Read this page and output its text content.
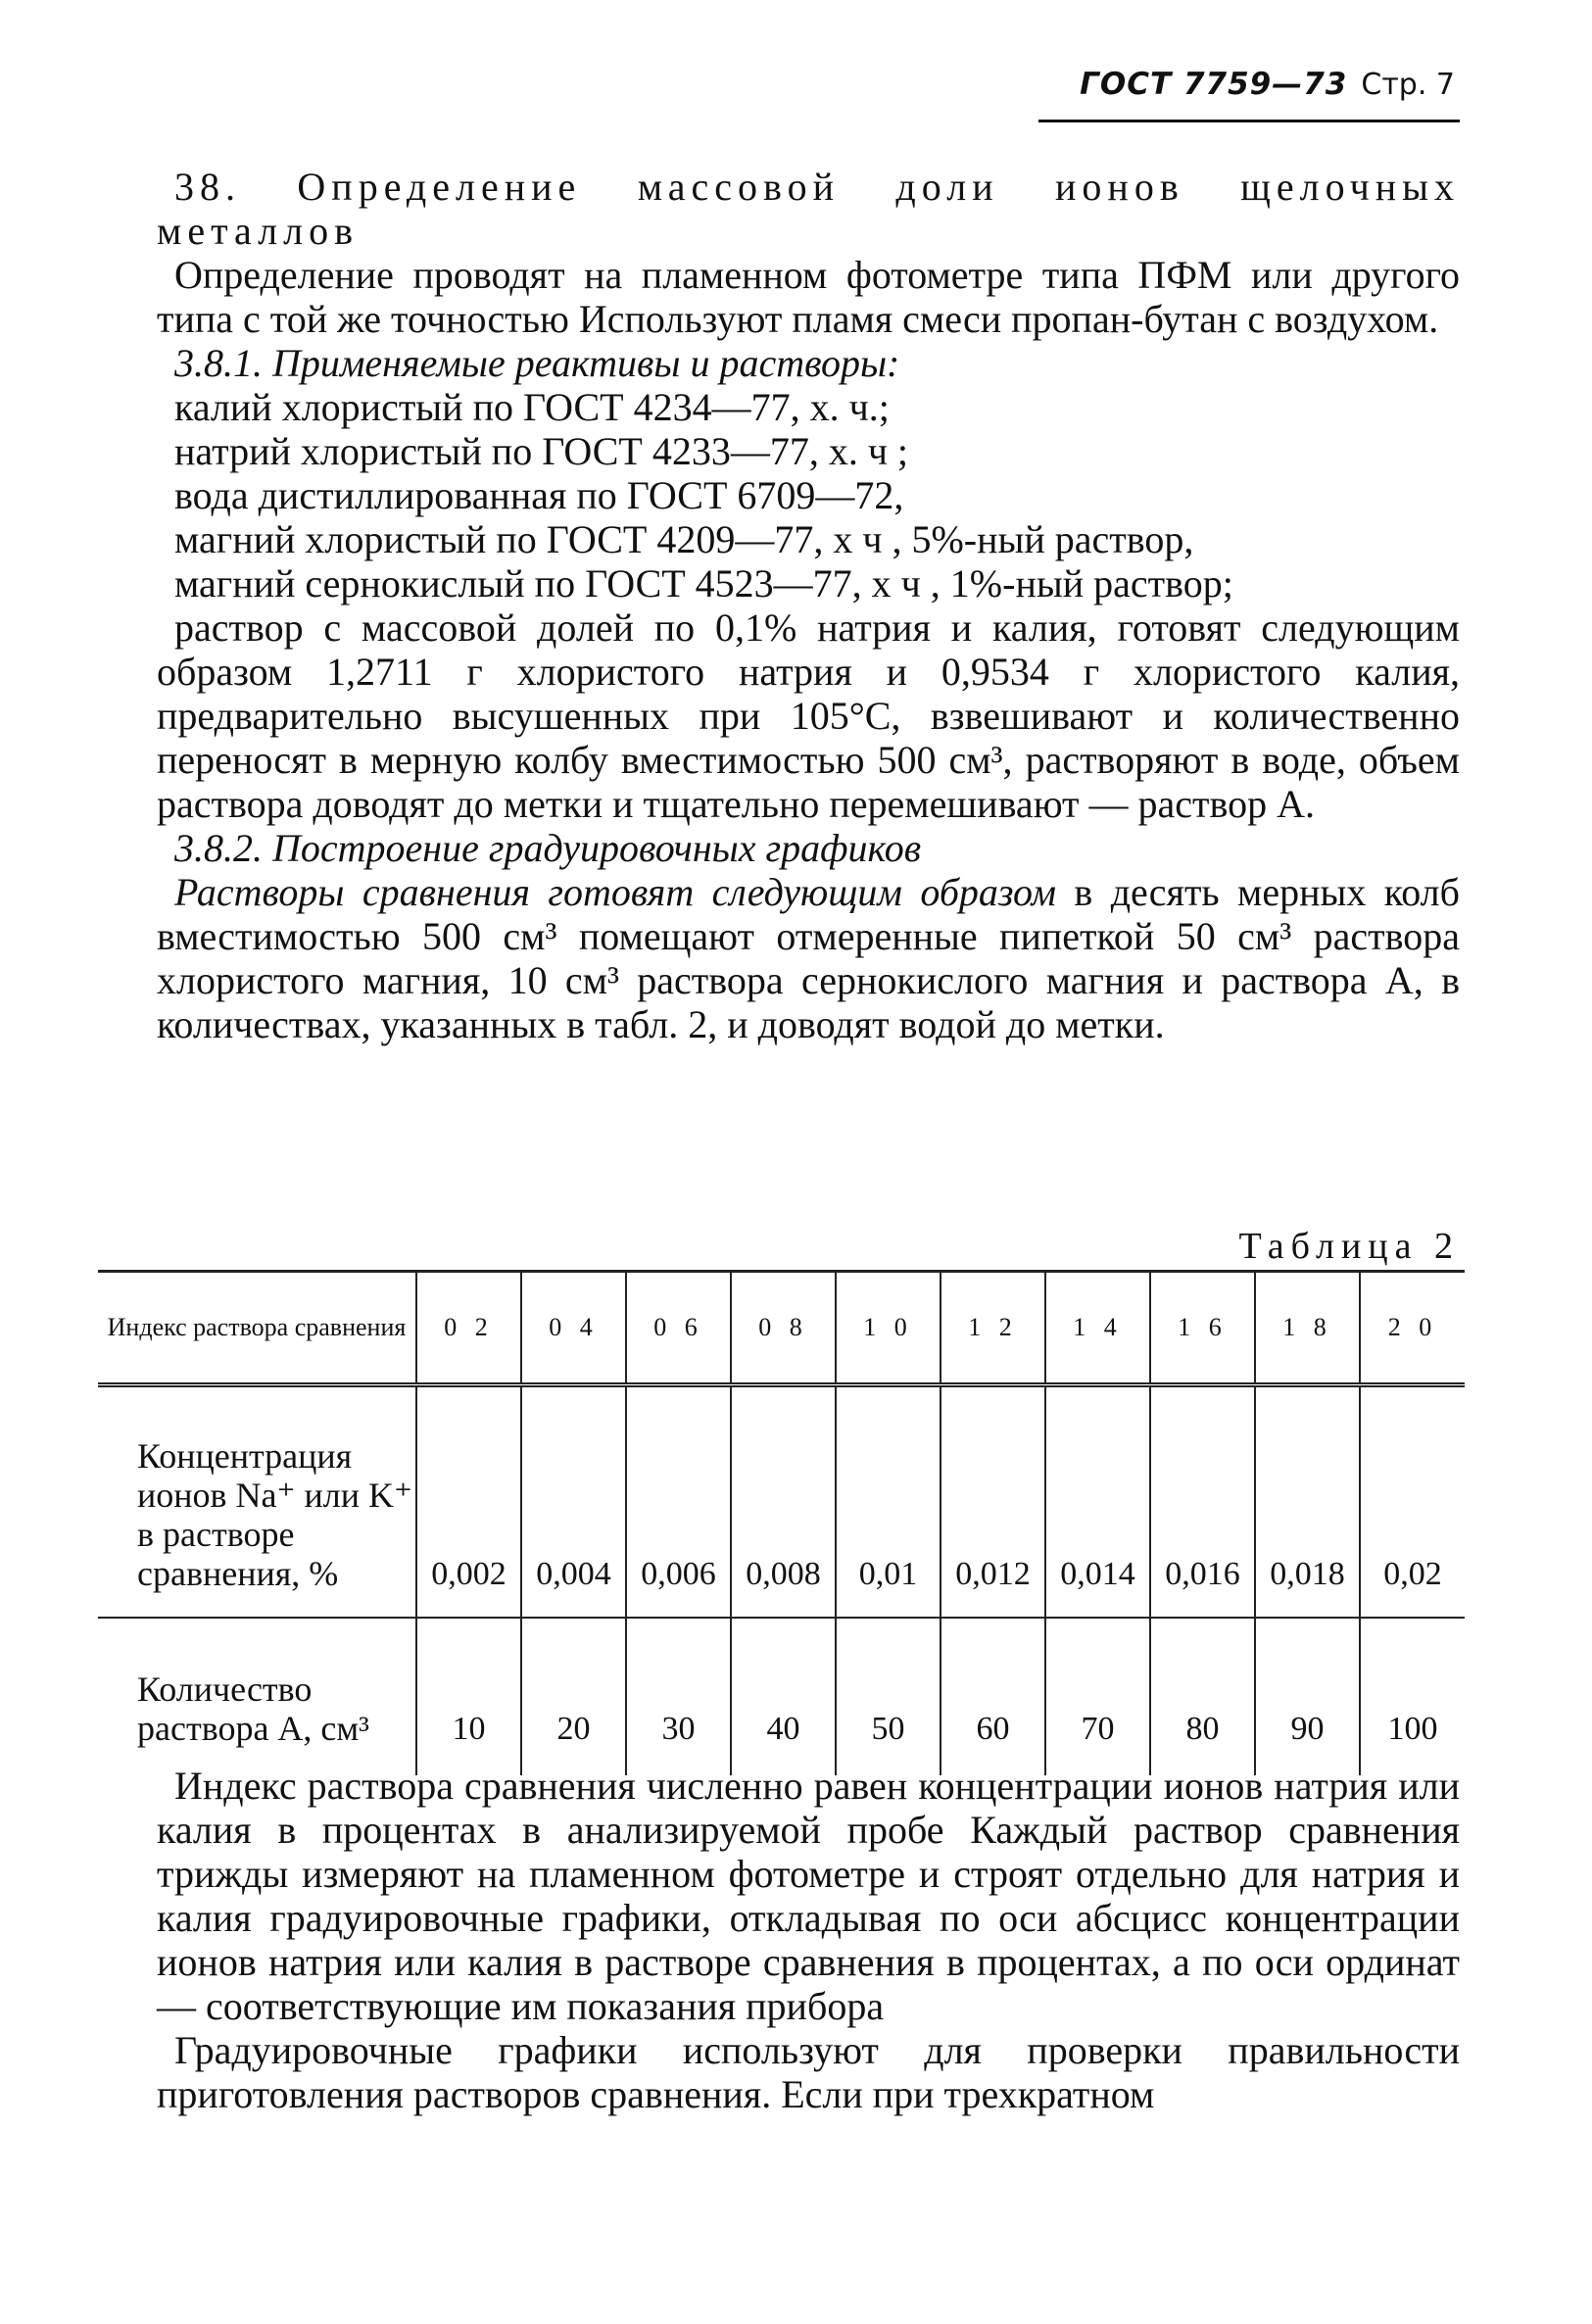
ГОСТ 7759—73 Стр. 7

38. Определение массовой доли ионов щелочных металлов

Определение проводят на пламенном фотометре типа ПФМ или другого типа с той же точностью Используют пламя смеси пропан-бутан с воздухом.

3.8.1. Применяемые реактивы и растворы:

калий хлористый по ГОСТ 4234—77, х. ч.;

натрий хлористый по ГОСТ 4233—77, х. ч ;

вода дистиллированная по ГОСТ 6709—72,

магний хлористый по ГОСТ 4209—77, х ч , 5%-ный раствор,

магний сернокислый по ГОСТ 4523—77, х ч , 1%-ный раствор;

раствор с массовой долей по 0,1% натрия и калия, готовят следующим образом 1,2711 г хлористого натрия и 0,9534 г хлористого калия, предварительно высушенных при 105°С, взвешивают и количественно переносят в мерную колбу вместимостью 500 см³, растворяют в воде, объем раствора доводят до метки и тщательно перемешивают — раствор А.

3.8.2. Построение градуировочных графиков

Растворы сравнения готовят следующим образом в десять мерных колб вместимостью 500 см³ помещают отмеренные пипеткой 50 см³ раствора хлористого магния, 10 см³ раствора сернокислого магния и раствора А, в количествах, указанных в табл. 2, и доводят водой до метки.

Таблица 2
Индекс раствора сравнения	0 2	0 4	0 6	0 8	1 0	1 2	1 4	1 6	1 8	2 0
Концентрация ионов Na⁺ или K⁺ в растворе сравнения, %	0,002	0,004	0,006	0,008	0,01	0,012	0,014	0,016	0,018	0,02
Количество раствора А, см³	10	20	30	40	50	60	70	80	90	100

Индекс раствора сравнения численно равен концентрации ионов натрия или калия в процентах в анализируемой пробе Каждый раствор сравнения трижды измеряют на пламенном фотометре и строят отдельно для натрия и калия градуировочные графики, откладывая по оси абсцисс концентрации ионов натрия или калия в растворе сравнения в процентах, а по оси ординат — соответствующие им показания прибора

Градуировочные графики используют для проверки правильности приготовления растворов сравнения. Если при трехкратном
